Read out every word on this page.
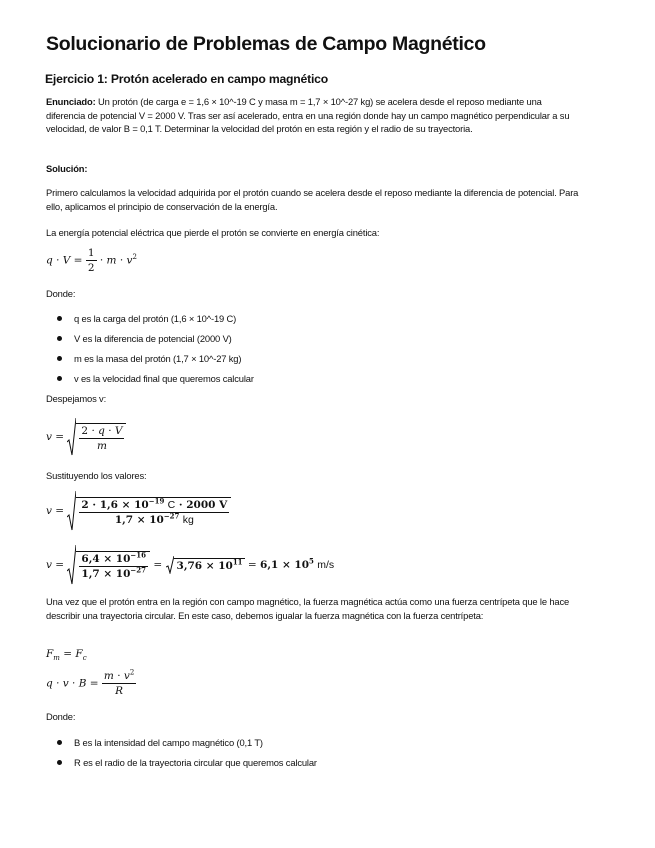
Solucionario de Problemas de Campo Magnético
Ejercicio 1: Protón acelerado en campo magnético

Enunciado: Un protón (de carga e = 1,6 × 10^-19 C y masa m = 1,7 × 10^-27 kg) se acelera desde el reposo mediante una diferencia de potencial V = 2000 V. Tras ser así acelerado, entra en una región donde hay un campo magnético perpendicular a su velocidad, de valor B = 0,1 T. Determinar la velocidad del protón en esta región y el radio de su trayectoria.

Solución:

Primero calculamos la velocidad adquirida por el protón cuando se acelera desde el reposo mediante la diferencia de potencial. Para ello, aplicamos el principio de conservación de la energía.

La energía potencial eléctrica que pierde el protón se convierte en energía cinética:

$q \cdot V = \frac{1}{2} \cdot m \cdot v^2$

Donde:

q es la carga del protón (1,6 × 10^-19 C)
V es la diferencia de potencial (2000 V)
m es la masa del protón (1,7 × 10^-27 kg)
v es la velocidad final que queremos calcular

Despejamos v:

$v = \frac{2 \cdot q \cdot V}{m}$

Sustituyendo los valores:

$v = \frac{2 \cdot 1,6 \times 10^{-19} C \cdot 2000 V}{1,7 \times 10^{-27} kg}$
$v = \frac{6,4 \times 10^{-16}}{1,7 \times 10^{-27}} = 3,76 \times 10^{11} = 6,1 \times 10^5$ m/s

Una vez que el protón entra en la región con campo magnético, la fuerza magnética actúa como una fuerza centrípeta que le hace describir una trayectoria circular. En este caso, debemos igualar la fuerza magnética con la fuerza centrípeta:

$F_m = F_c$
$q \cdot v \cdot B = \frac{m \cdot v^2}{R}$

Donde:

B es la intensidad del campo magnético (0,1 T)
R es el radio de la trayectoria circular que queremos calcular
